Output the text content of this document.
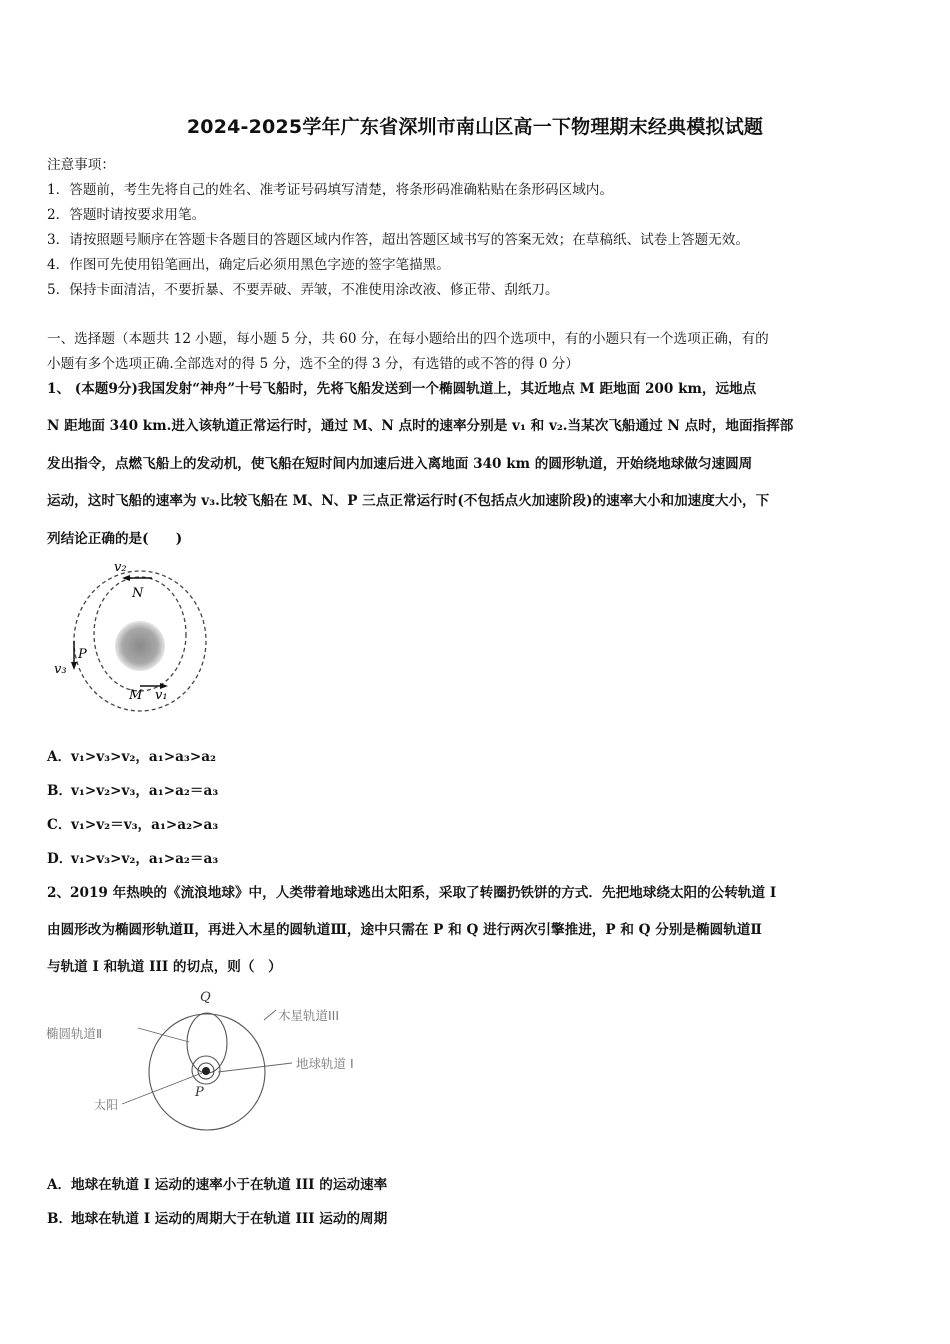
2024-2025学年广东省深圳市南山区高一下物理期末经典模拟试题
注意事项：
1．答题前，考生先将自己的姓名、准考证号码填写清楚，将条形码准确粘贴在条形码区域内。
2．答题时请按要求用笔。
3．请按照题号顺序在答题卡各题目的答题区域内作答，超出答题区域书写的答案无效；在草稿纸、试卷上答题无效。
4．作图可先使用铅笔画出，确定后必须用黑色字迹的签字笔描黑。
5．保持卡面清洁，不要折暴、不要弄破、弄皱，不准使用涂改液、修正带、刮纸刀。
一、选择题（本题共 12 小题，每小题 5 分，共 60 分，在每小题给出的四个选项中，有的小题只有一个选项正确，有的
小题有多个选项正确.全部选对的得 5 分，选不全的得 3 分，有选错的或不答的得 0 分）
1、 (本题9分)我国发射“神舟”十号飞船时，先将飞船发送到一个椭圆轨道上，其近地点 M 距地面 200 km，远地点
N 距地面 340 km.进入该轨道正常运行时，通过 M、N 点时的速率分别是 v₁ 和 v₂.当某次飞船通过 N 点时，地面指挥部
发出指令，点燃飞船上的发动机，使飞船在短时间内加速后进入离地面 340 km 的圆形轨道，开始绕地球做匀速圆周
运动，这时飞船的速率为 v₃.比较飞船在 M、N、P 三点正常运行时(不包括点火加速阶段)的速率大小和加速度大小，下
列结论正确的是(　　)
v₂
N
P
v₃
M v₁
A．v₁>v₃>v₂，a₁>a₃>a₂
B．v₁>v₂>v₃，a₁>a₂＝a₃
C．v₁>v₂＝v₃，a₁>a₂>a₃
D．v₁>v₃>v₂，a₁>a₂＝a₃
2、2019 年热映的《流浪地球》中，人类带着地球逃出太阳系，采取了转圈扔铁饼的方式．先把地球绕太阳的公转轨道 I
由圆形改为椭圆形轨道Ⅱ，再进入木星的圆轨道Ⅲ，途中只需在 P 和 Q 进行两次引擎推进，P 和 Q 分别是椭圆轨道Ⅱ
与轨道 I 和轨道 III 的切点，则（　）
Q
木星轨道III
椭圆轨道Ⅱ
地球轨道 I
太阳
P
A．地球在轨道 I 运动的速率小于在轨道 III 的运动速率
B．地球在轨道 I 运动的周期大于在轨道 III 运动的周期
